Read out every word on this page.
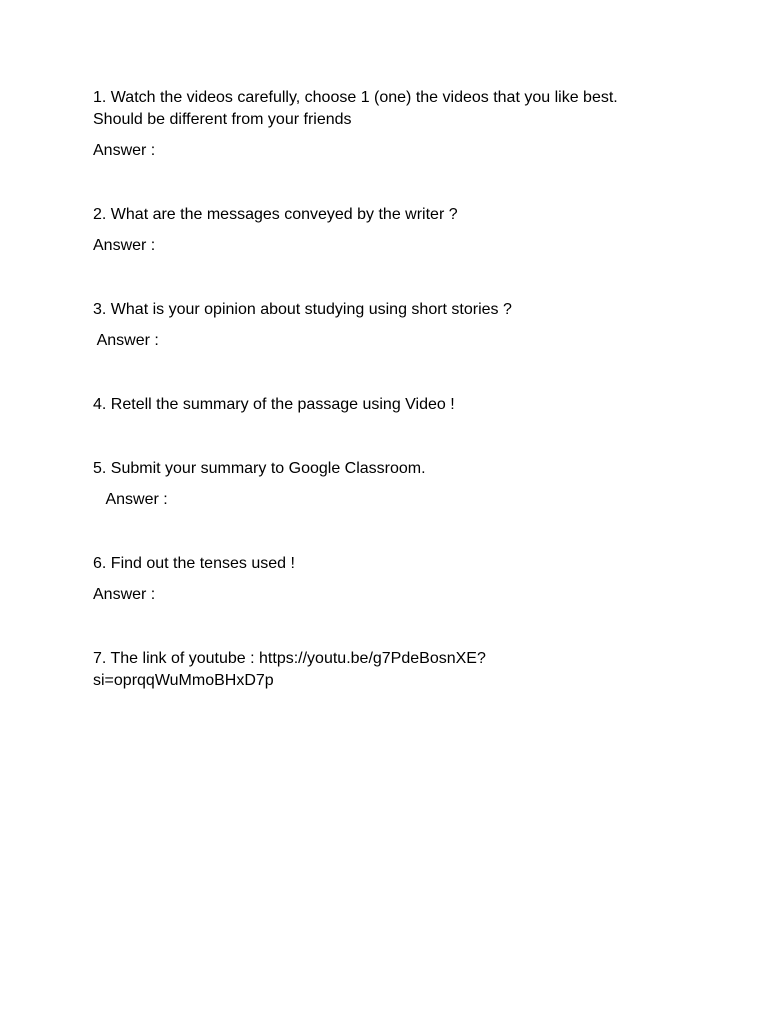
1. Watch the videos carefully, choose 1 (one) the videos that you like best.

Should be different from your friends

Answer :

2. What are the messages conveyed by the writer ?

Answer :

3. What is your opinion about studying using short stories ?

Answer :

4. Retell the summary of the passage using Video !

5. Submit your summary to Google Classroom.

Answer :

6. Find out the tenses used !

Answer :

7. The link of youtube : https://youtu.be/g7PdeBosnXE?

si=oprqqWuMmoBHxD7p
